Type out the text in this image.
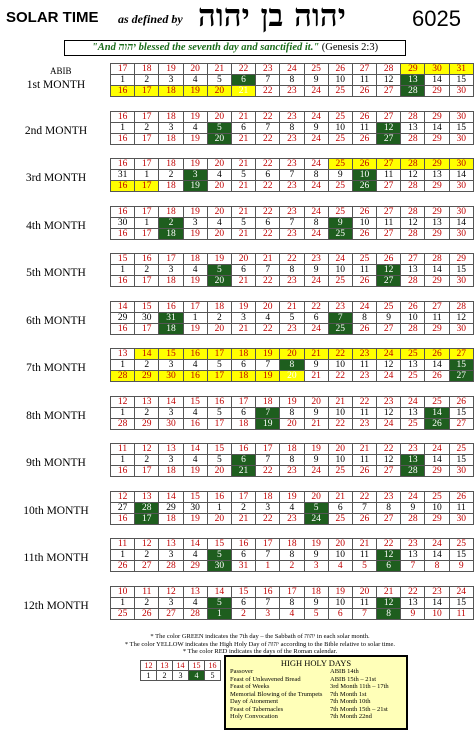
SOLAR TIME as defined by יהוה בן יהוה	6025
"And יהוה blessed the seventh day and sanctified it." (Genesis 2:3)
1st MONTH
ABIB	17	18	19	20	21	22	23	24	25	26	27	28	29	30	31
1	2	3	4	5	6	7	8	9	10	11	12	13	14	15
16	17	18	19	20	21	22	23	24	25	26	27	28	29	30
2nd MONTH
16	17	18	19	20	21	22	23	24	25	26	27	28	29	30
1	2	3	4	5	6	7	8	9	10	11	12	13	14	15
16	17	18	19	20	21	22	23	24	25	26	27	28	29	30
3rd MONTH
16	17	18	19	20	21	22	23	24	25	26	27	28	29	30
31	1	2	3	4	5	6	7	8	9	10	11	12	13	14
16	17	18	19	20	21	22	23	24	25	26	27	28	29	30
4th MONTH
16	17	18	19	20	21	22	23	24	25	26	27	28	29	30
30	1	2	3	4	5	6	7	8	9	10	11	12	13	14
16	17	18	19	20	21	22	23	24	25	26	27	28	29	30
5th MONTH
15	16	17	18	19	20	21	22	23	24	25	26	27	28	29
1	2	3	4	5	6	7	8	9	10	11	12	13	14	15
16	17	18	19	20	21	22	23	24	25	26	27	28	29	30
6th MONTH
14	15	16	17	18	19	20	21	22	23	24	25	26	27	28
29	30	31	1	2	3	4	5	6	7	8	9	10	11	12
16	17	18	19	20	21	22	23	24	25	26	27	28	29	30
7th MONTH
13	14	15	16	17	18	19	20	21	22	23	24	25	26	27
1	2	3	4	5	6	7	8	9	10	11	12	13	14	15
28	29	30	16	17	18	19	20	21	22	23	24	25	26	27
8th MONTH
12	13	14	15	16	17	18	19	20	21	22	23	24	25	26
1	2	3	4	5	6	7	8	9	10	11	12	13	14	15
28	29	30	16	17	18	19	20	21	22	23	24	25	26	27
9th MONTH
11	12	13	14	15	16	17	18	19	20	21	22	23	24	25
1	2	3	4	5	6	7	8	9	10	11	12	13	14	15
16	17	18	19	20	21	22	23	24	25	26	27	28	29	30
10th MONTH
12	13	14	15	16	17	18	19	20	21	22	23	24	25	26
27	28	29	30	1	2	3	4	5	6	7	8	9	10	11
16	17	18	19	20	21	22	23	24	25	26	27	28	29	30
11th MONTH
11	12	13	14	15	16	17	18	19	20	21	22	23	24	25
1	2	3	4	5	6	7	8	9	10	11	12	13	14	15
26	27	28	29	30	31	1	2	3	4	5	6	7	8	9
12th MONTH
10	11	12	13	14	15	16	17	18	19	20	21	22	23	24
1	2	3	4	5	6	7	8	9	10	11	12	13	14	15
25	26	27	28	1	2	3	4	5	6	7	8	9	10	11
* The color GREEN indicates the 7th day – the Sabbath of יהוה in each solar month.
* The color YELLOW indicates the High Holy Day of יהוה according to the Bible relative to solar time.
* The color RED indicates the days of the Roman calendar.
12	13	14	15	16
1	2	3	4	5
HIGH HOLY DAYS
Passover	ABIB 14th
Feast of Unleavened Bread	ABIB 15th – 21st
Feast of Weeks	3rd Month 11th – 17th
Memorial Blowing of the Trumpets	7th Month 1st
Day of Atonement	7th Month 10th
Feast of Tabernacles	7th Month 15th – 21st
Holy Convocation	7th Month 22nd
